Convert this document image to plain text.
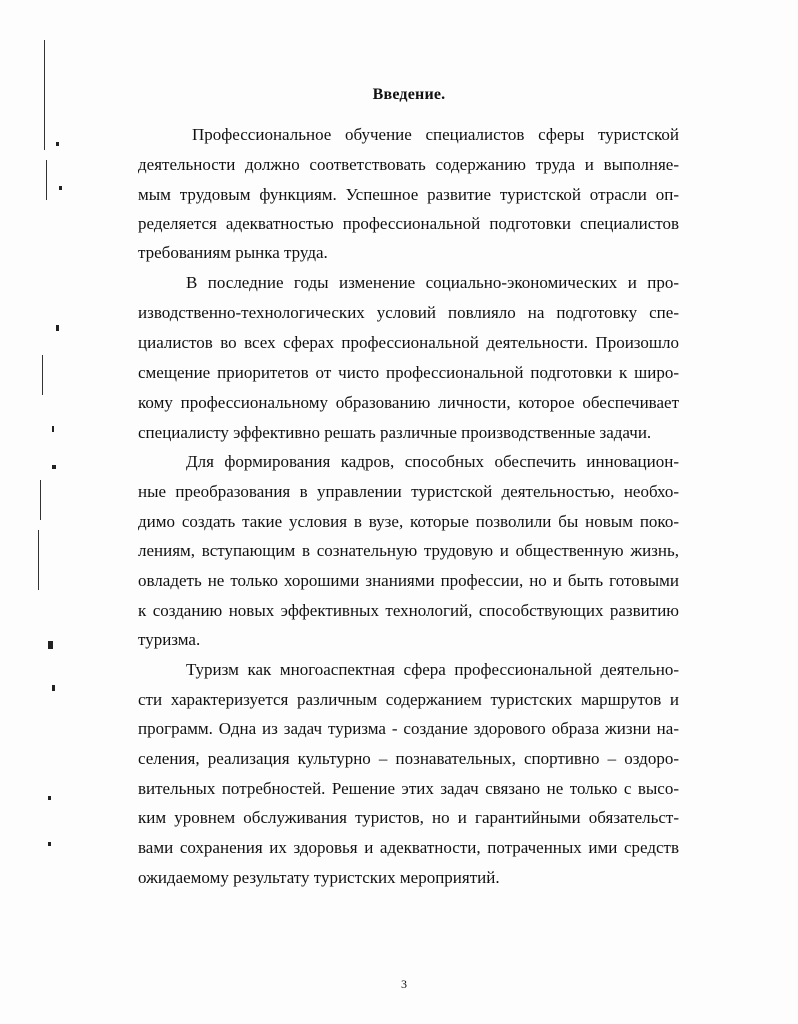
Введение.
Профессиональное обучение специалистов сферы туристской
деятельности должно соответствовать содержанию труда и выполняе-
мым трудовым функциям. Успешное развитие туристской отрасли оп-
ределяется адекватностью профессиональной подготовки специалистов
требованиям рынка труда.
В последние годы изменение социально-экономических и про-
изводственно-технологических условий повлияло на подготовку спе-
циалистов во всех сферах профессиональной деятельности. Произошло
смещение приоритетов от чисто профессиональной подготовки к широ-
кому профессиональному образованию личности, которое обеспечивает
специалисту эффективно решать различные производственные задачи.
Для формирования кадров, способных обеспечить инновацион-
ные преобразования в управлении туристской деятельностью, необхо-
димо создать такие условия в вузе, которые позволили бы новым поко-
лениям, вступающим в сознательную трудовую и общественную жизнь,
овладеть не только хорошими знаниями профессии, но и быть готовыми
к созданию новых эффективных технологий, способствующих развитию
туризма.
Туризм как многоаспектная сфера профессиональной деятельно-
сти характеризуется различным содержанием туристских маршрутов и
программ. Одна из задач туризма - создание здорового образа жизни на-
селения, реализация культурно – познавательных, спортивно – оздоро-
вительных потребностей. Решение этих задач связано не только с высо-
ким уровнем обслуживания туристов, но и гарантийными обязательст-
вами сохранения их здоровья и адекватности, потраченных ими средств
ожидаемому результату туристских мероприятий.
3
